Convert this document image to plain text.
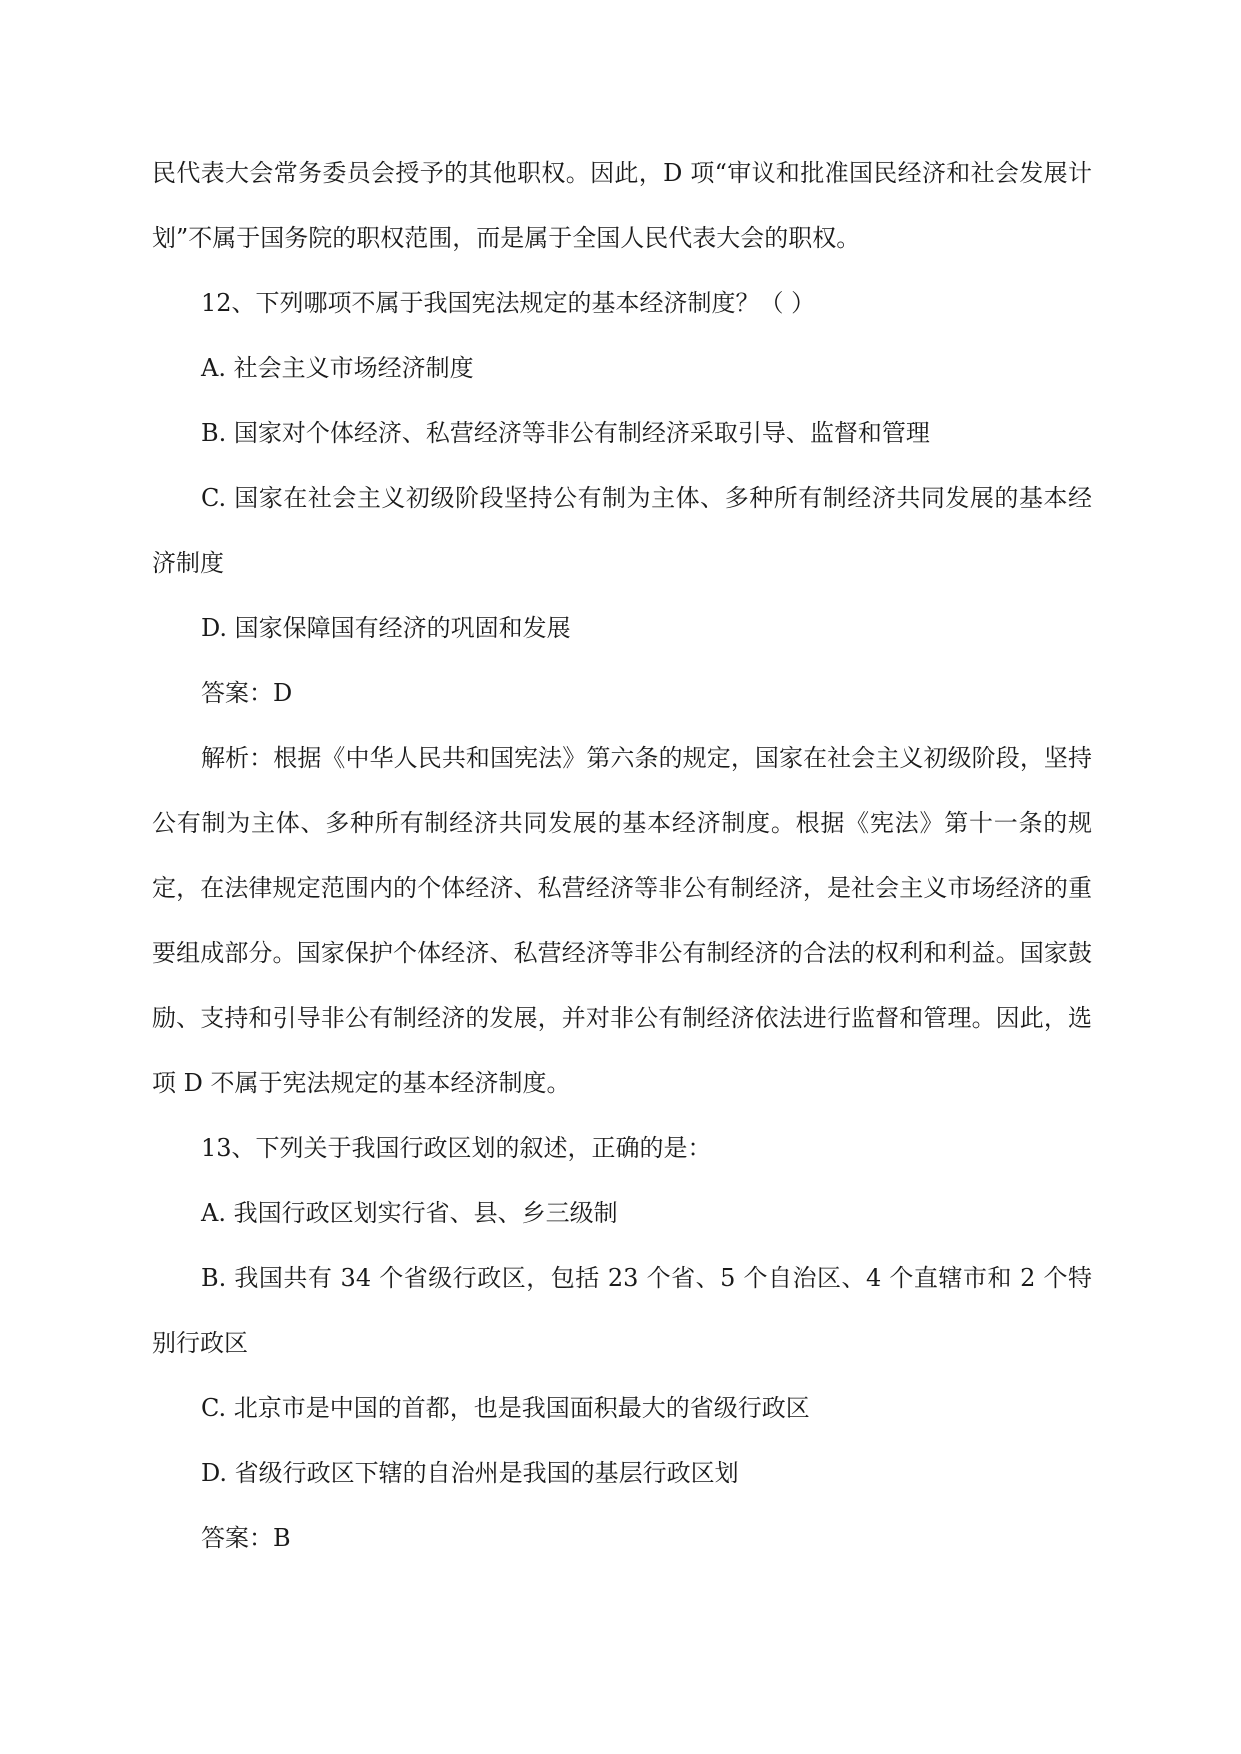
民代表大会常务委员会授予的其他职权。因此，D 项“审议和批准国民经济和社会发展计划”不属于国务院的职权范围，而是属于全国人民代表大会的职权。

12、下列哪项不属于我国宪法规定的基本经济制度？（ ）

A. 社会主义市场经济制度

B. 国家对个体经济、私营经济等非公有制经济采取引导、监督和管理

C. 国家在社会主义初级阶段坚持公有制为主体、多种所有制经济共同发展的基本经济制度

D. 国家保障国有经济的巩固和发展

答案：D

解析：根据《中华人民共和国宪法》第六条的规定，国家在社会主义初级阶段，坚持公有制为主体、多种所有制经济共同发展的基本经济制度。根据《宪法》第十一条的规定，在法律规定范围内的个体经济、私营经济等非公有制经济，是社会主义市场经济的重要组成部分。国家保护个体经济、私营经济等非公有制经济的合法的权利和利益。国家鼓励、支持和引导非公有制经济的发展，并对非公有制经济依法进行监督和管理。因此，选项 D 不属于宪法规定的基本经济制度。

13、下列关于我国行政区划的叙述，正确的是：

A. 我国行政区划实行省、县、乡三级制

B. 我国共有 34 个省级行政区，包括 23 个省、5 个自治区、4 个直辖市和 2 个特别行政区

C. 北京市是中国的首都，也是我国面积最大的省级行政区

D. 省级行政区下辖的自治州是我国的基层行政区划

答案：B
